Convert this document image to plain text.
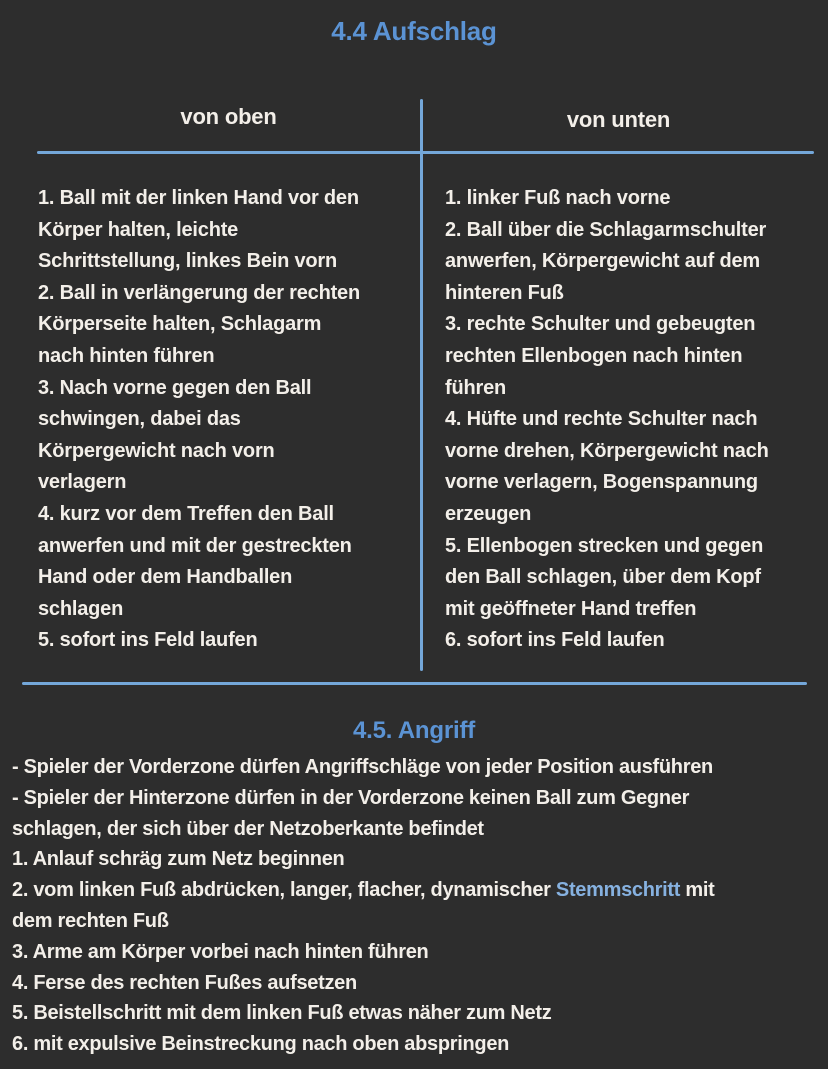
4.4 Aufschlag
von oben	von unten
1. Ball mit der linken Hand vor den
Körper halten, leichte
Schrittstellung, linkes Bein vorn
2. Ball in verlängerung der rechten
Körperseite halten, Schlagarm
nach hinten führen
3. Nach vorne gegen den Ball
schwingen, dabei das
Körpergewicht nach vorn
verlagern
4. kurz vor dem Treffen den Ball
anwerfen und mit der gestreckten
Hand oder dem Handballen
schlagen
5. sofort ins Feld laufen
1. linker Fuß nach vorne
2. Ball über die Schlagarmschulter
anwerfen, Körpergewicht auf dem
hinteren Fuß
3. rechte Schulter und gebeugten
rechten Ellenbogen nach hinten
führen
4. Hüfte und rechte Schulter nach
vorne drehen, Körpergewicht nach
vorne verlagern, Bogenspannung
erzeugen
5. Ellenbogen strecken und gegen
den Ball schlagen, über dem Kopf
mit geöffneter Hand treffen
6. sofort ins Feld laufen
4.5. Angriff
- Spieler der Vorderzone dürfen Angriffschläge von jeder Position ausführen
- Spieler der Hinterzone dürfen in der Vorderzone keinen Ball zum Gegner
schlagen, der sich über der Netzoberkante befindet
1. Anlauf schräg zum Netz beginnen
2. vom linken Fuß abdrücken, langer, flacher, dynamischer Stemmschritt mit
dem rechten Fuß
3. Arme am Körper vorbei nach hinten führen
4. Ferse des rechten Fußes aufsetzen
5. Beistellschritt mit dem linken Fuß etwas näher zum Netz
6. mit expulsive Beinstreckung nach oben abspringen
